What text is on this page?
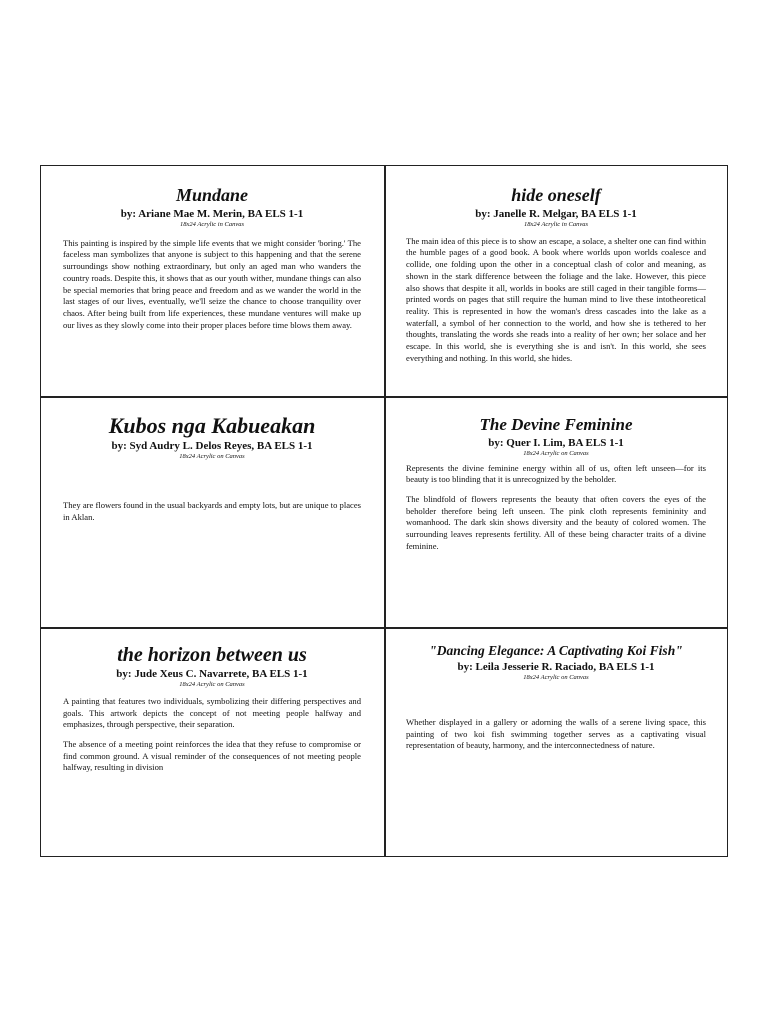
Mundane
by: Ariane Mae M. Merin, BA ELS 1-1
18x24 Acrylic in Canvas

This painting is inspired by the simple life events that we might consider 'boring.' The faceless man symbolizes that anyone is subject to this happening and that the serene surroundings show nothing extraordinary, but only an aged man who wanders the country roads. Despite this, it shows that as our youth wither, mundane things can also be special memories that bring peace and freedom and as we wander the world in the last stages of our lives, eventually, we'll seize the chance to choose tranquility over chaos. After being built from life experiences, these mundane ventures will make up our lives as they slowly come into their proper places before time blows them away.

hide oneself
by: Janelle R. Melgar, BA ELS 1-1
18x24 Acrylic in Canvas

The main idea of this piece is to show an escape, a solace, a shelter one can find within the humble pages of a good book. A book where worlds upon worlds coalesce and collide, one folding upon the other in a conceptual clash of color and meaning, as shown in the stark difference between the foliage and the lake. However, this piece also shows that despite it all, worlds in books are still caged in their tangible forms—printed words on pages that still require the human mind to live these intotheoretical reality. This is represented in how the woman's dress cascades into the lake as a waterfall, a symbol of her connection to the world, and how she is tethered to her thoughts, translating the words she reads into a reality of her own; her solace and her escape. In this world, she is everything she is and isn't. In this world, she sees everything and nothing. In this world, she hides.

Kubos nga Kabueakan
by: Syd Audry L. Delos Reyes, BA ELS 1-1
18x24 Acrylic on Canvas

They are flowers found in the usual backyards and empty lots, but are unique to places in Aklan.

The Devine Feminine
by: Quer I. Lim, BA ELS 1-1
18x24 Acrylic on Canvas

Represents the divine feminine energy within all of us, often left unseen—for its beauty is too blinding that it is unrecognized by the beholder.

The blindfold of flowers represents the beauty that often covers the eyes of the beholder therefore being left unseen. The pink cloth represents femininity and womanhood. The dark skin shows diversity and the beauty of colored women. The surrounding leaves represents fertility. All of these being character traits of a divine feminine.

the horizon between us
by: Jude Xeus C. Navarrete, BA ELS 1-1
18x24 Acrylic on Canvas

A painting that features two individuals, symbolizing their differing perspectives and goals. This artwork depicts the concept of not meeting people halfway and emphasizes, through perspective, their separation.

The absence of a meeting point reinforces the idea that they refuse to compromise or find common ground. A visual reminder of the consequences of not meeting people halfway, resulting in division

"Dancing Elegance: A Captivating Koi Fish"
by: Leila Jesserie R. Raciado, BA ELS 1-1
18x24 Acrylic on Canvas

Whether displayed in a gallery or adorning the walls of a serene living space, this painting of two koi fish swimming together serves as a captivating visual representation of beauty, harmony, and the interconnectedness of nature.
